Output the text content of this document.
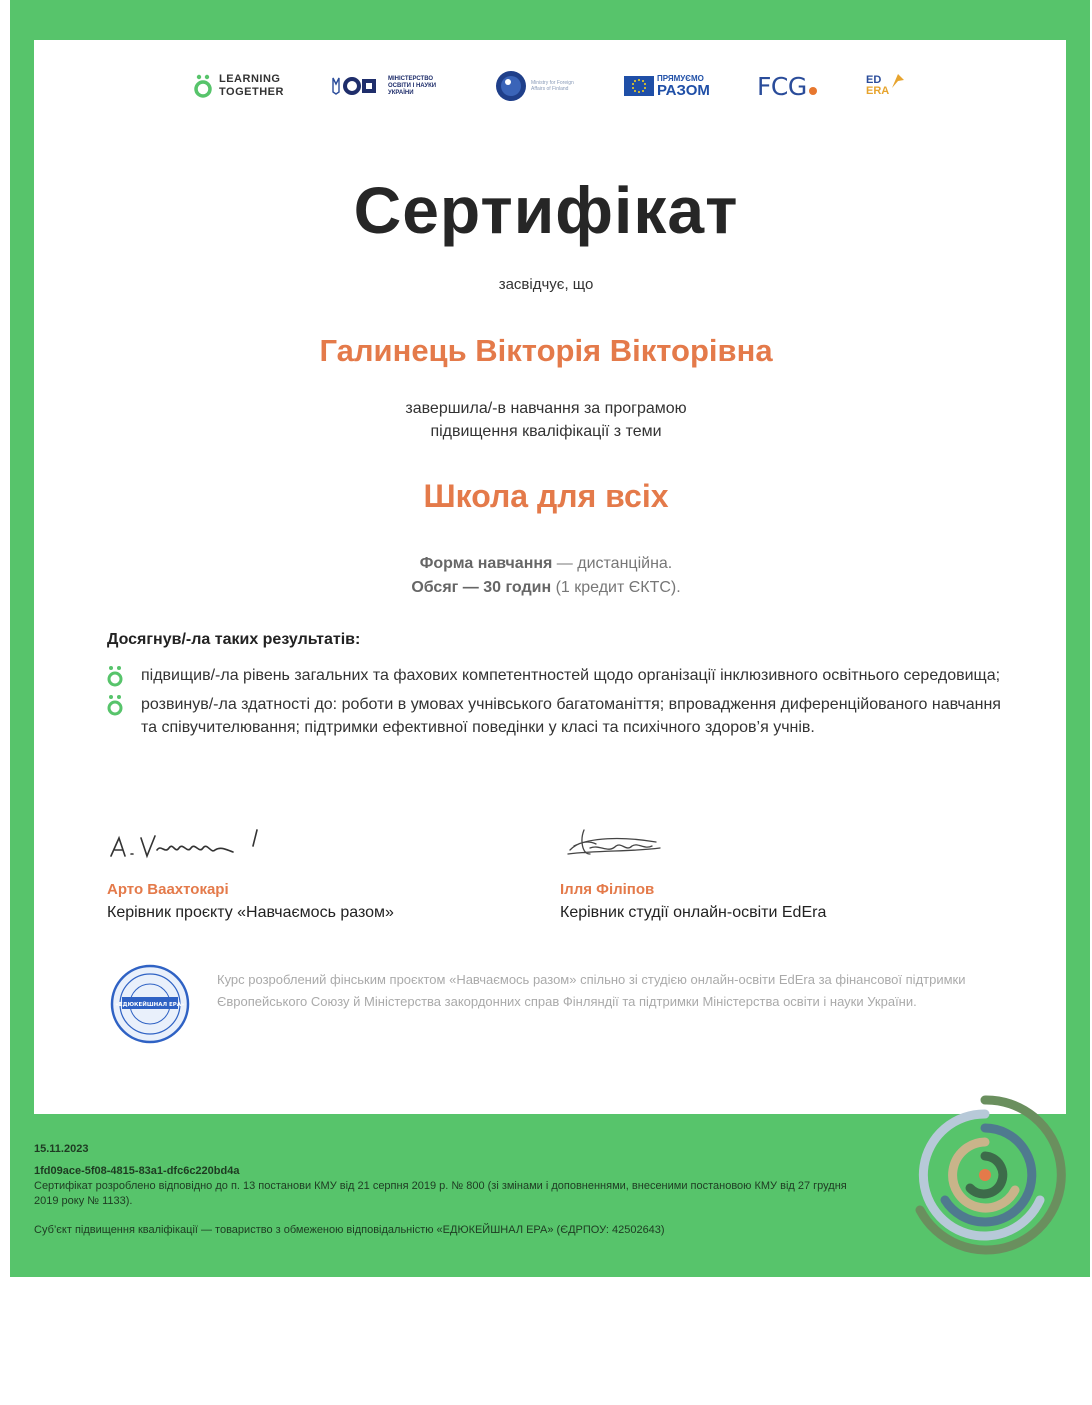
LEARNING
TOGETHER
МІНІСТЕРСТВО
ОСВІТИ І НАУКИ
УКРАЇНИ
Ministry for Foreign
Affairs of Finland
ПРЯМУЄМО
РАЗОМ FCG	ED
ERA
Сертифікат
засвідчує, що
Галинець Вікторія Вікторівна
завершила/-в навчання за програмою
підвищення кваліфікації з теми
Школа для всіх
Форма навчання — дистанційна.
Обсяг — 30 годин (1 кредит ЄКТС).
Досягнув/-ла таких результатів:
підвищив/-ла рівень загальних та фахових компетентностей щодо організації інклюзивного освітнього середовища;
розвинув/-ла здатності до: роботи в умовах учнівського багатоманіття; впровадження диференційованого навчання та співучителювання; підтримки ефективної поведінки у класі та психічного здоров’я учнів.
Арто Ваахтокарі
Керівник проєкту «Навчаємось разом»
Ілля Філіпов
Керівник студії онлайн-освіти EdEra
«ЕДЮКЕЙШНАЛ ЕРА»
Курс розроблений фінським проєктом «Навчаємось разом» спільно зі студією онлайн-освіти EdEra за фінансової підтримки Європейського Союзу й Міністерства закордонних справ Фінляндії та підтримки Міністерства освіти і науки України.
15.11.2023
1fd09ace-5f08-4815-83a1-dfc6c220bd4a
Сертифікат розроблено відповідно до п. 13 постанови КМУ від 21 серпня 2019 р. № 800 (зі змінами і доповненнями, внесеними постановою КМУ від 27 грудня 2019 року № 1133).
Суб’єкт підвищення кваліфікації — товариство з обмеженою відповідальністю «ЕДЮКЕЙШНАЛ ЕРА» (ЄДРПОУ: 42502643)
